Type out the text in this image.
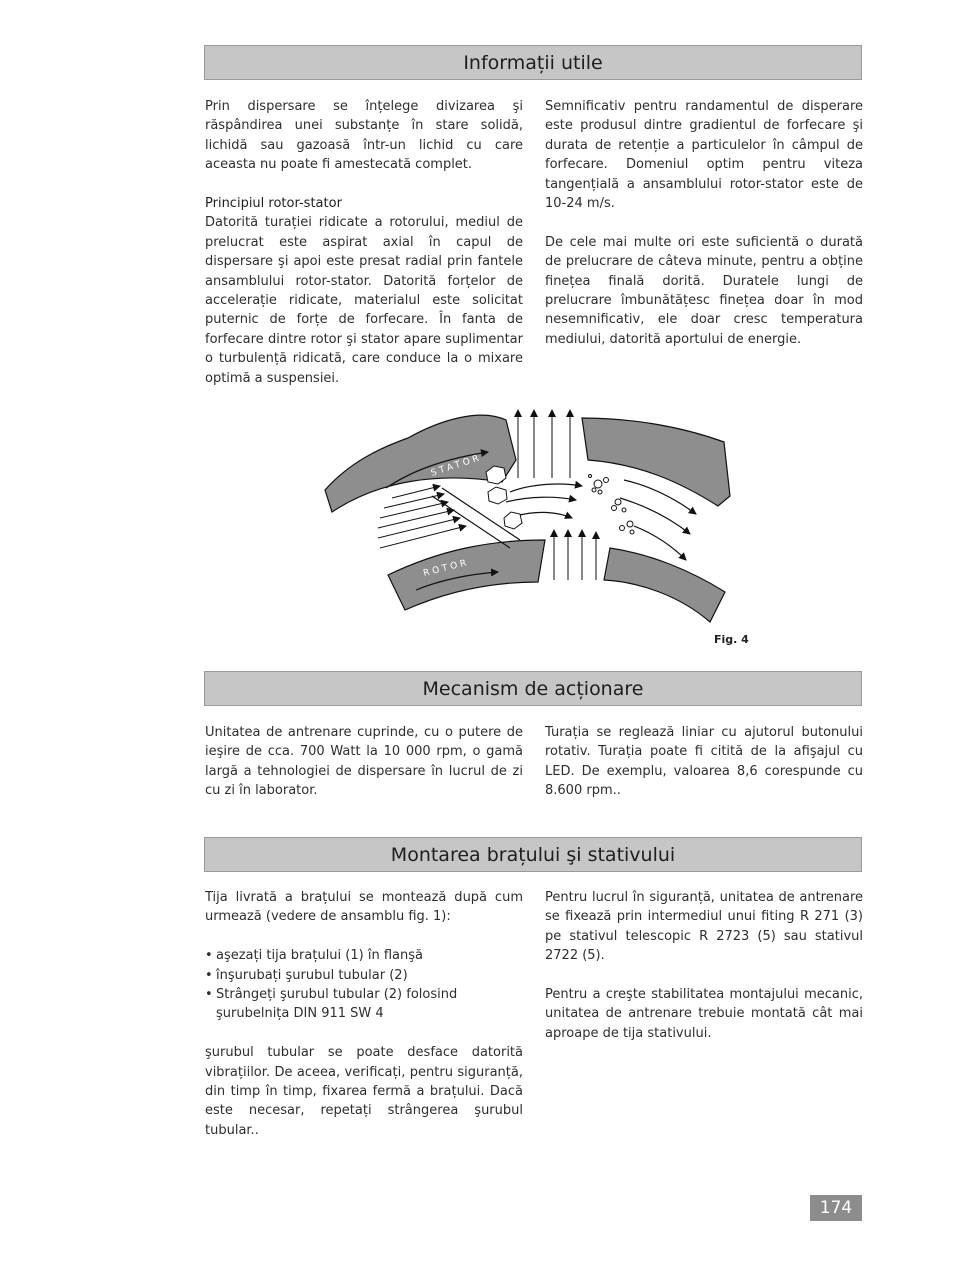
Informații utile

Prin dispersare se înțelege divizarea şi răspândirea unei substanțe în stare solidă, lichidă sau gazoasă într-un lichid cu care aceasta nu poate fi amestecată complet.

Principiul rotor-stator

Datorită turației ridicate a rotorului, mediul de prelucrat este aspirat axial în capul de dispersare şi apoi este presat radial prin fantele ansamblului rotor-stator. Datorită forțelor de accelerație ridicate, materialul este solicitat puternic de forțe de forfecare. În fanta de forfecare dintre rotor şi stator apare suplimentar o turbulență ridicată, care conduce la o mixare optimă a suspensiei.

Semnificativ pentru randamentul de disperare este produsul dintre gradientul de forfecare şi durata de retenție a particulelor în câmpul de forfecare. Domeniul optim pentru viteza tangențială a ansamblului rotor-stator este de 10-24 m/s.

De cele mai multe ori este suficientă o durată de prelucrare de câteva minute, pentru a obține finețea finală dorită. Duratele lungi de prelucrare îmbunătățesc finețea doar în mod nesemnificativ, ele doar cresc temperatura mediului, datorită aportului de energie.

STATOR
ROTOR
Fig. 4
Mecanism de acționare

Unitatea de antrenare cuprinde, cu o putere de ieşire de cca. 700 Watt la 10 000 rpm, o gamă largă a tehnologiei de dispersare în lucrul de zi cu zi în laborator.

Turația se reglează liniar cu ajutorul butonului rotativ. Turația poate fi citită de la afişajul cu LED. De exemplu, valoarea 8,6 corespunde cu 8.600 rpm..

Montarea brațului şi stativului

Tija livrată a brațului se montează după cum urmează (vedere de ansamblu fig. 1):

• aşezați tija brațului (1) în flanşă
• înşurubați şurubul tubular (2)
• Strângeți şurubul tubular (2) folosind şurubelnița DIN 911 SW 4

şurubul tubular se poate desface datorită vibrațiilor. De aceea, verificați, pentru siguranță, din timp în timp, fixarea fermă a brațului. Dacă este necesar, repetați strângerea şurubul tubular..

Pentru lucrul în siguranță, unitatea de antrenare se fixează prin intermediul unui fiting R 271 (3) pe stativul telescopic R 2723 (5) sau stativul 2722 (5).

Pentru a creşte stabilitatea montajului mecanic, unitatea de antrenare trebuie montată cât mai aproape de tija stativului.

174
